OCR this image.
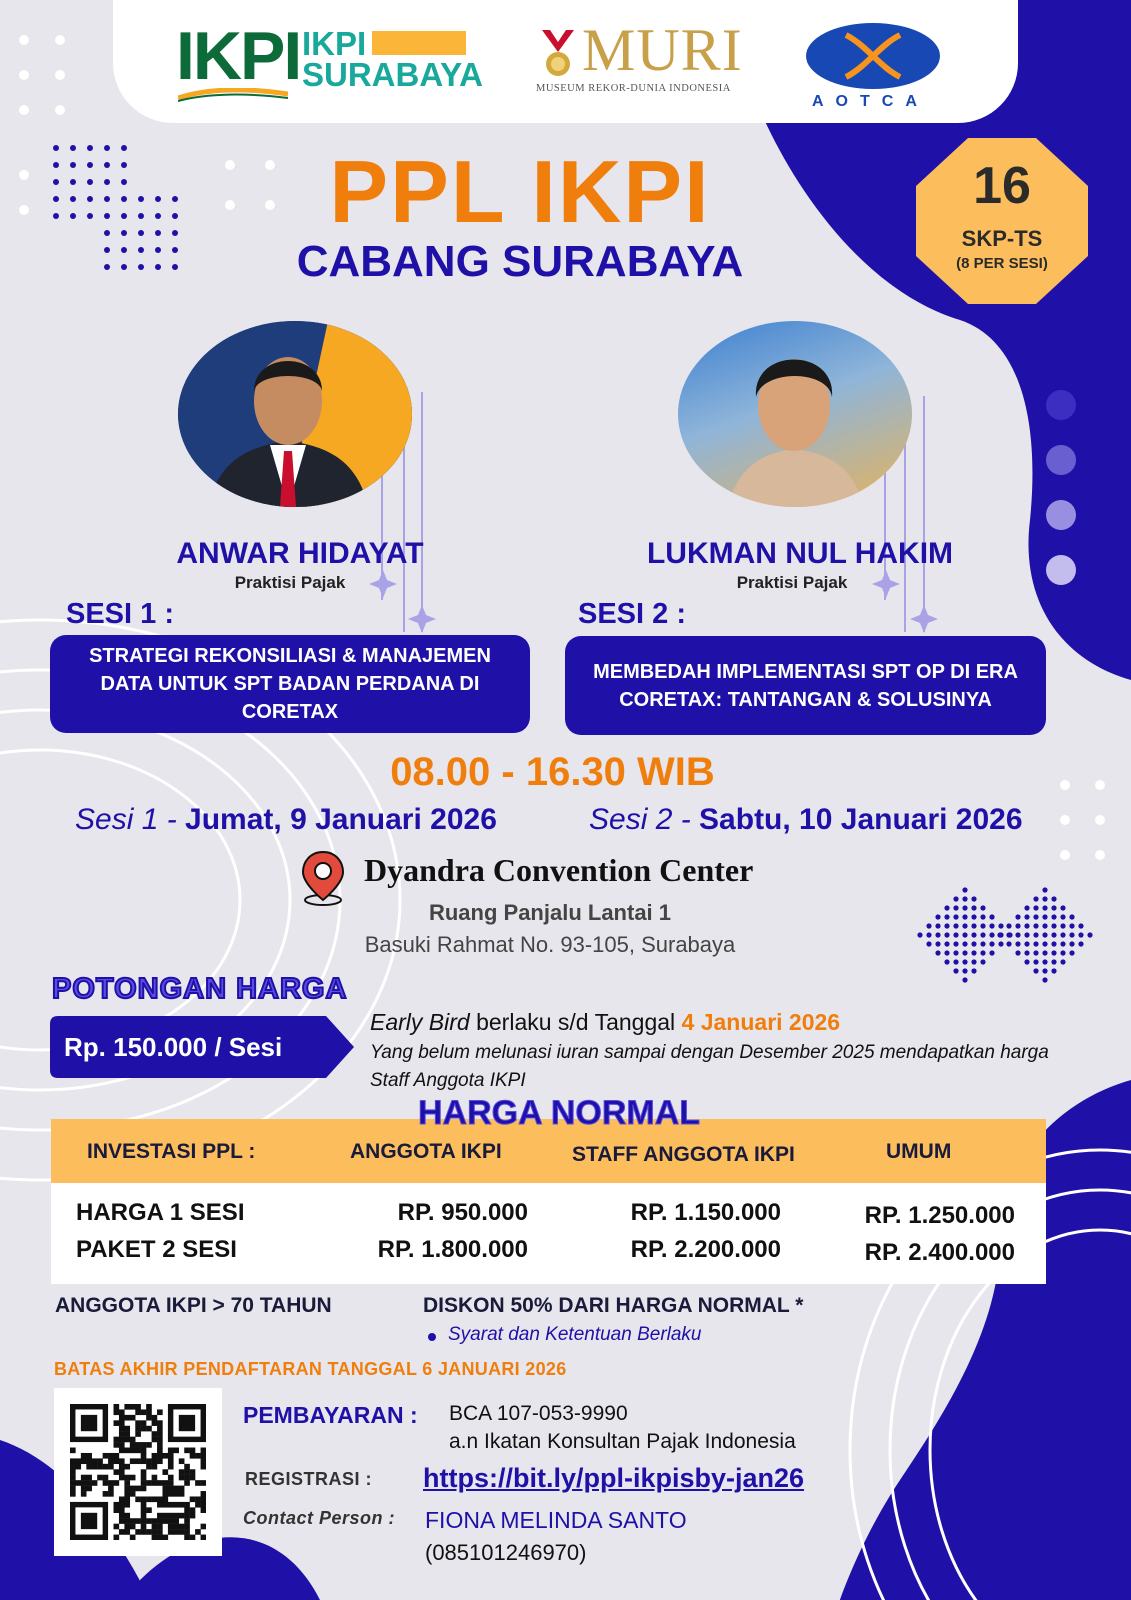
IKPI IKPI
SURABAYA MURI
MUSEUM REKOR-DUNIA INDONESIA
AOTCA
PPL IKPI
CABANG SURABAYA
16
SKP-TS
(8 PER SESI)
ANWAR HIDAYAT
Praktisi Pajak
SESI 1 :
STRATEGI REKONSILIASI & MANAJEMEN DATA UNTUK SPT BADAN PERDANA DI CORETAX
LUKMAN NUL HAKIM
Praktisi Pajak
SESI 2 :
MEMBEDAH IMPLEMENTASI SPT OP DI ERA CORETAX: TANTANGAN & SOLUSINYA
08.00 - 16.30 WIB
Sesi 1 - Jumat, 9 Januari 2026	Sesi 2 - Sabtu, 10 Januari 2026
Dyandra Convention Center
Ruang Panjalu Lantai 1
Basuki Rahmat No. 93-105, Surabaya
POTONGAN HARGA
Rp. 150.000 / Sesi
Early Bird berlaku s/d Tanggal 4 Januari 2026
Yang belum melunasi iuran sampai dengan Desember 2025 mendapatkan harga Staff Anggota IKPI
HARGA NORMAL
INVESTASI PPL :	ANGGOTA IKPI	STAFF ANGGOTA IKPI	UMUM
HARGA 1 SESI	RP. 950.000	RP. 1.150.000	RP. 1.250.000
PAKET 2 SESI	RP. 1.800.000	RP. 2.200.000	RP. 2.400.000
ANGGOTA IKPI > 70 TAHUN	DISKON 50% DARI HARGA NORMAL *
Syarat dan Ketentuan Berlaku
BATAS AKHIR PENDAFTARAN TANGGAL 6 JANUARI 2026
PEMBAYARAN : BCA 107-053-9990
a.n Ikatan Konsultan Pajak Indonesia
REGISTRASI : https://bit.ly/ppl-ikpisby-jan26
Contact Person : FIONA MELINDA SANTO
(085101246970)
